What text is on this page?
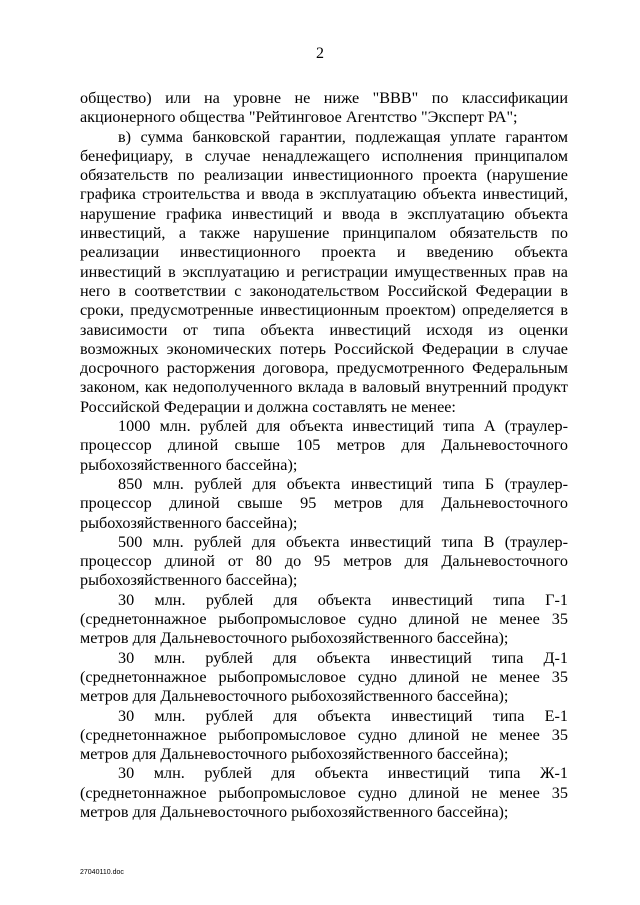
2

общество) или на уровне не ниже "BBB" по классификации акционерного общества "Рейтинговое Агентство "Эксперт РА";

в) сумма банковской гарантии, подлежащая уплате гарантом бенефициару, в случае ненадлежащего исполнения принципалом обязательств по реализации инвестиционного проекта (нарушение графика строительства и ввода в эксплуатацию объекта инвестиций, нарушение графика инвестиций и ввода в эксплуатацию объекта инвестиций, а также нарушение принципалом обязательств по реализации инвестиционного проекта и введению объекта инвестиций в эксплуатацию и регистрации имущественных прав на него в соответствии с законодательством Российской Федерации в сроки, предусмотренные инвестиционным проектом) определяется в зависимости от типа объекта инвестиций исходя из оценки возможных экономических потерь Российской Федерации в случае досрочного расторжения договора, предусмотренного Федеральным законом, как недополученного вклада в валовый внутренний продукт Российской Федерации и должна составлять не менее:

1000 млн. рублей для объекта инвестиций типа А (траулер-процессор длиной свыше 105 метров для Дальневосточного рыбохозяйственного бассейна);

850 млн. рублей для объекта инвестиций типа Б (траулер-процессор длиной свыше 95 метров для Дальневосточного рыбохозяйственного бассейна);

500 млн. рублей для объекта инвестиций типа В (траулер-процессор длиной от 80 до 95 метров для Дальневосточного рыбохозяйственного бассейна);

30 млн. рублей для объекта инвестиций типа Г-1 (среднетоннажное рыбопромысловое судно длиной не менее 35 метров для Дальневосточного рыбохозяйственного бассейна);

30 млн. рублей для объекта инвестиций типа Д-1 (среднетоннажное рыбопромысловое судно длиной не менее 35 метров для Дальневосточного рыбохозяйственного бассейна);

30 млн. рублей для объекта инвестиций типа Е-1 (среднетоннажное рыбопромысловое судно длиной не менее 35 метров для Дальневосточного рыбохозяйственного бассейна);

30 млн. рублей для объекта инвестиций типа Ж-1 (среднетоннажное рыбопромысловое судно длиной не менее 35 метров для Дальневосточного рыбохозяйственного бассейна);

27040110.doc
